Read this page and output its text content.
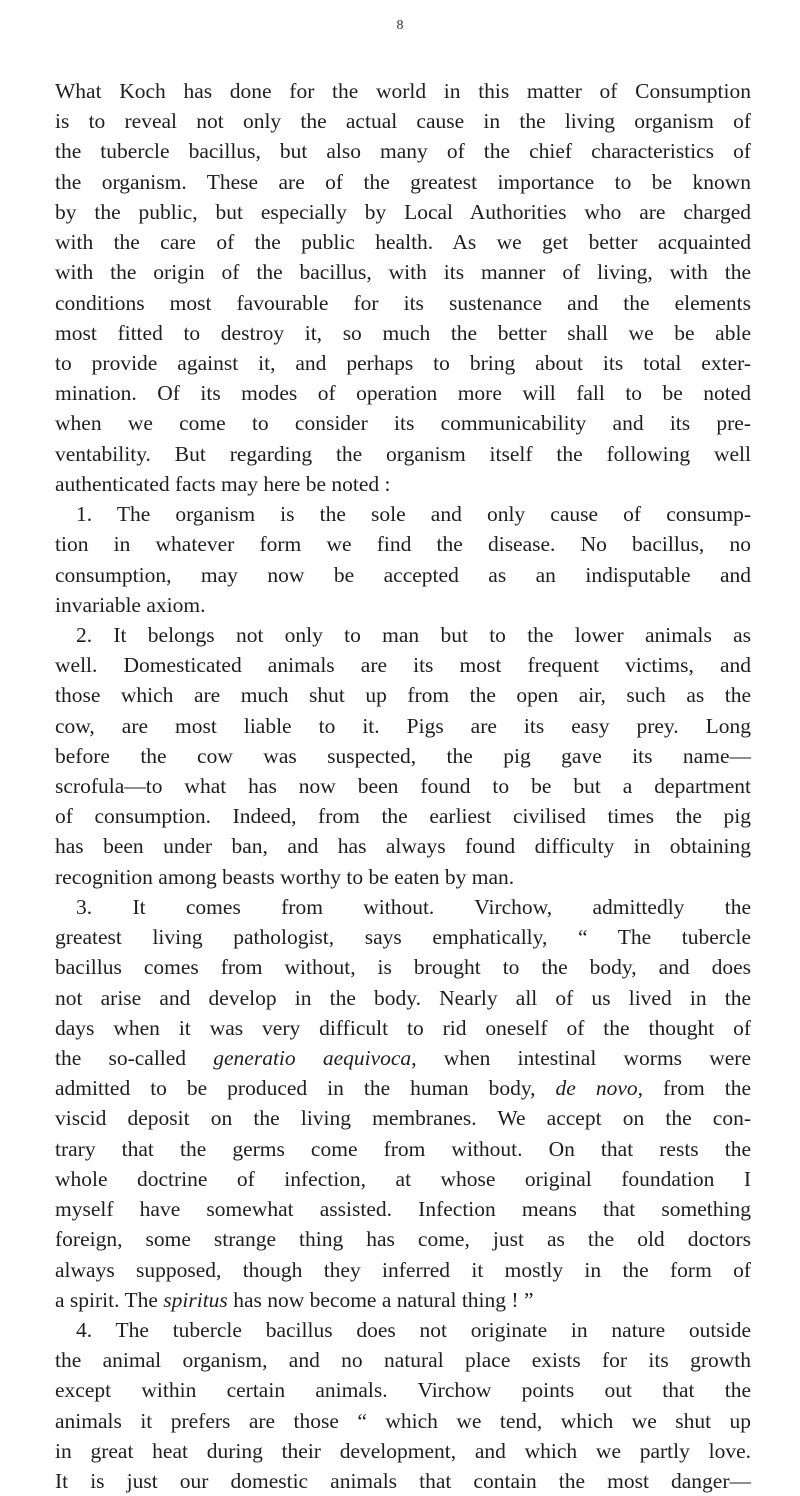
8
What Koch has done for the world in this matter of Consumption
is to reveal not only the actual cause in the living organism of
the tubercle bacillus, but also many of the chief characteristics of
the organism. These are of the greatest importance to be known
by the public, but especially by Local Authorities who are charged
with the care of the public health. As we get better acquainted
with the origin of the bacillus, with its manner of living, with the
conditions most favourable for its sustenance and the elements
most fitted to destroy it, so much the better shall we be able
to provide against it, and perhaps to bring about its total exter-
mination. Of its modes of operation more will fall to be noted
when we come to consider its communicability and its pre-
ventability. But regarding the organism itself the following well
authenticated facts may here be noted :
1. The organism is the sole and only cause of consump-
tion in whatever form we find the disease. No bacillus, no
consumption, may now be accepted as an indisputable and
invariable axiom.
2. It belongs not only to man but to the lower animals as
well. Domesticated animals are its most frequent victims, and
those which are much shut up from the open air, such as the
cow, are most liable to it. Pigs are its easy prey. Long
before the cow was suspected, the pig gave its name—
scrofula—to what has now been found to be but a department
of consumption. Indeed, from the earliest civilised times the pig
has been under ban, and has always found difficulty in obtaining
recognition among beasts worthy to be eaten by man.
3. It comes from without. Virchow, admittedly the
greatest living pathologist, says emphatically, “ The tubercle
bacillus comes from without, is brought to the body, and does
not arise and develop in the body. Nearly all of us lived in the
days when it was very difficult to rid oneself of the thought of
the so-called generatio aequivoca, when intestinal worms were
admitted to be produced in the human body, de novo, from the
viscid deposit on the living membranes. We accept on the con-
trary that the germs come from without. On that rests the
whole doctrine of infection, at whose original foundation I
myself have somewhat assisted. Infection means that something
foreign, some strange thing has come, just as the old doctors
always supposed, though they inferred it mostly in the form of
a spirit. The spiritus has now become a natural thing ! ”
4. The tubercle bacillus does not originate in nature outside
the animal organism, and no natural place exists for its growth
except within certain animals. Virchow points out that the
animals it prefers are those “ which we tend, which we shut up
in great heat during their development, and which we partly love.
It is just our domestic animals that contain the most danger—
